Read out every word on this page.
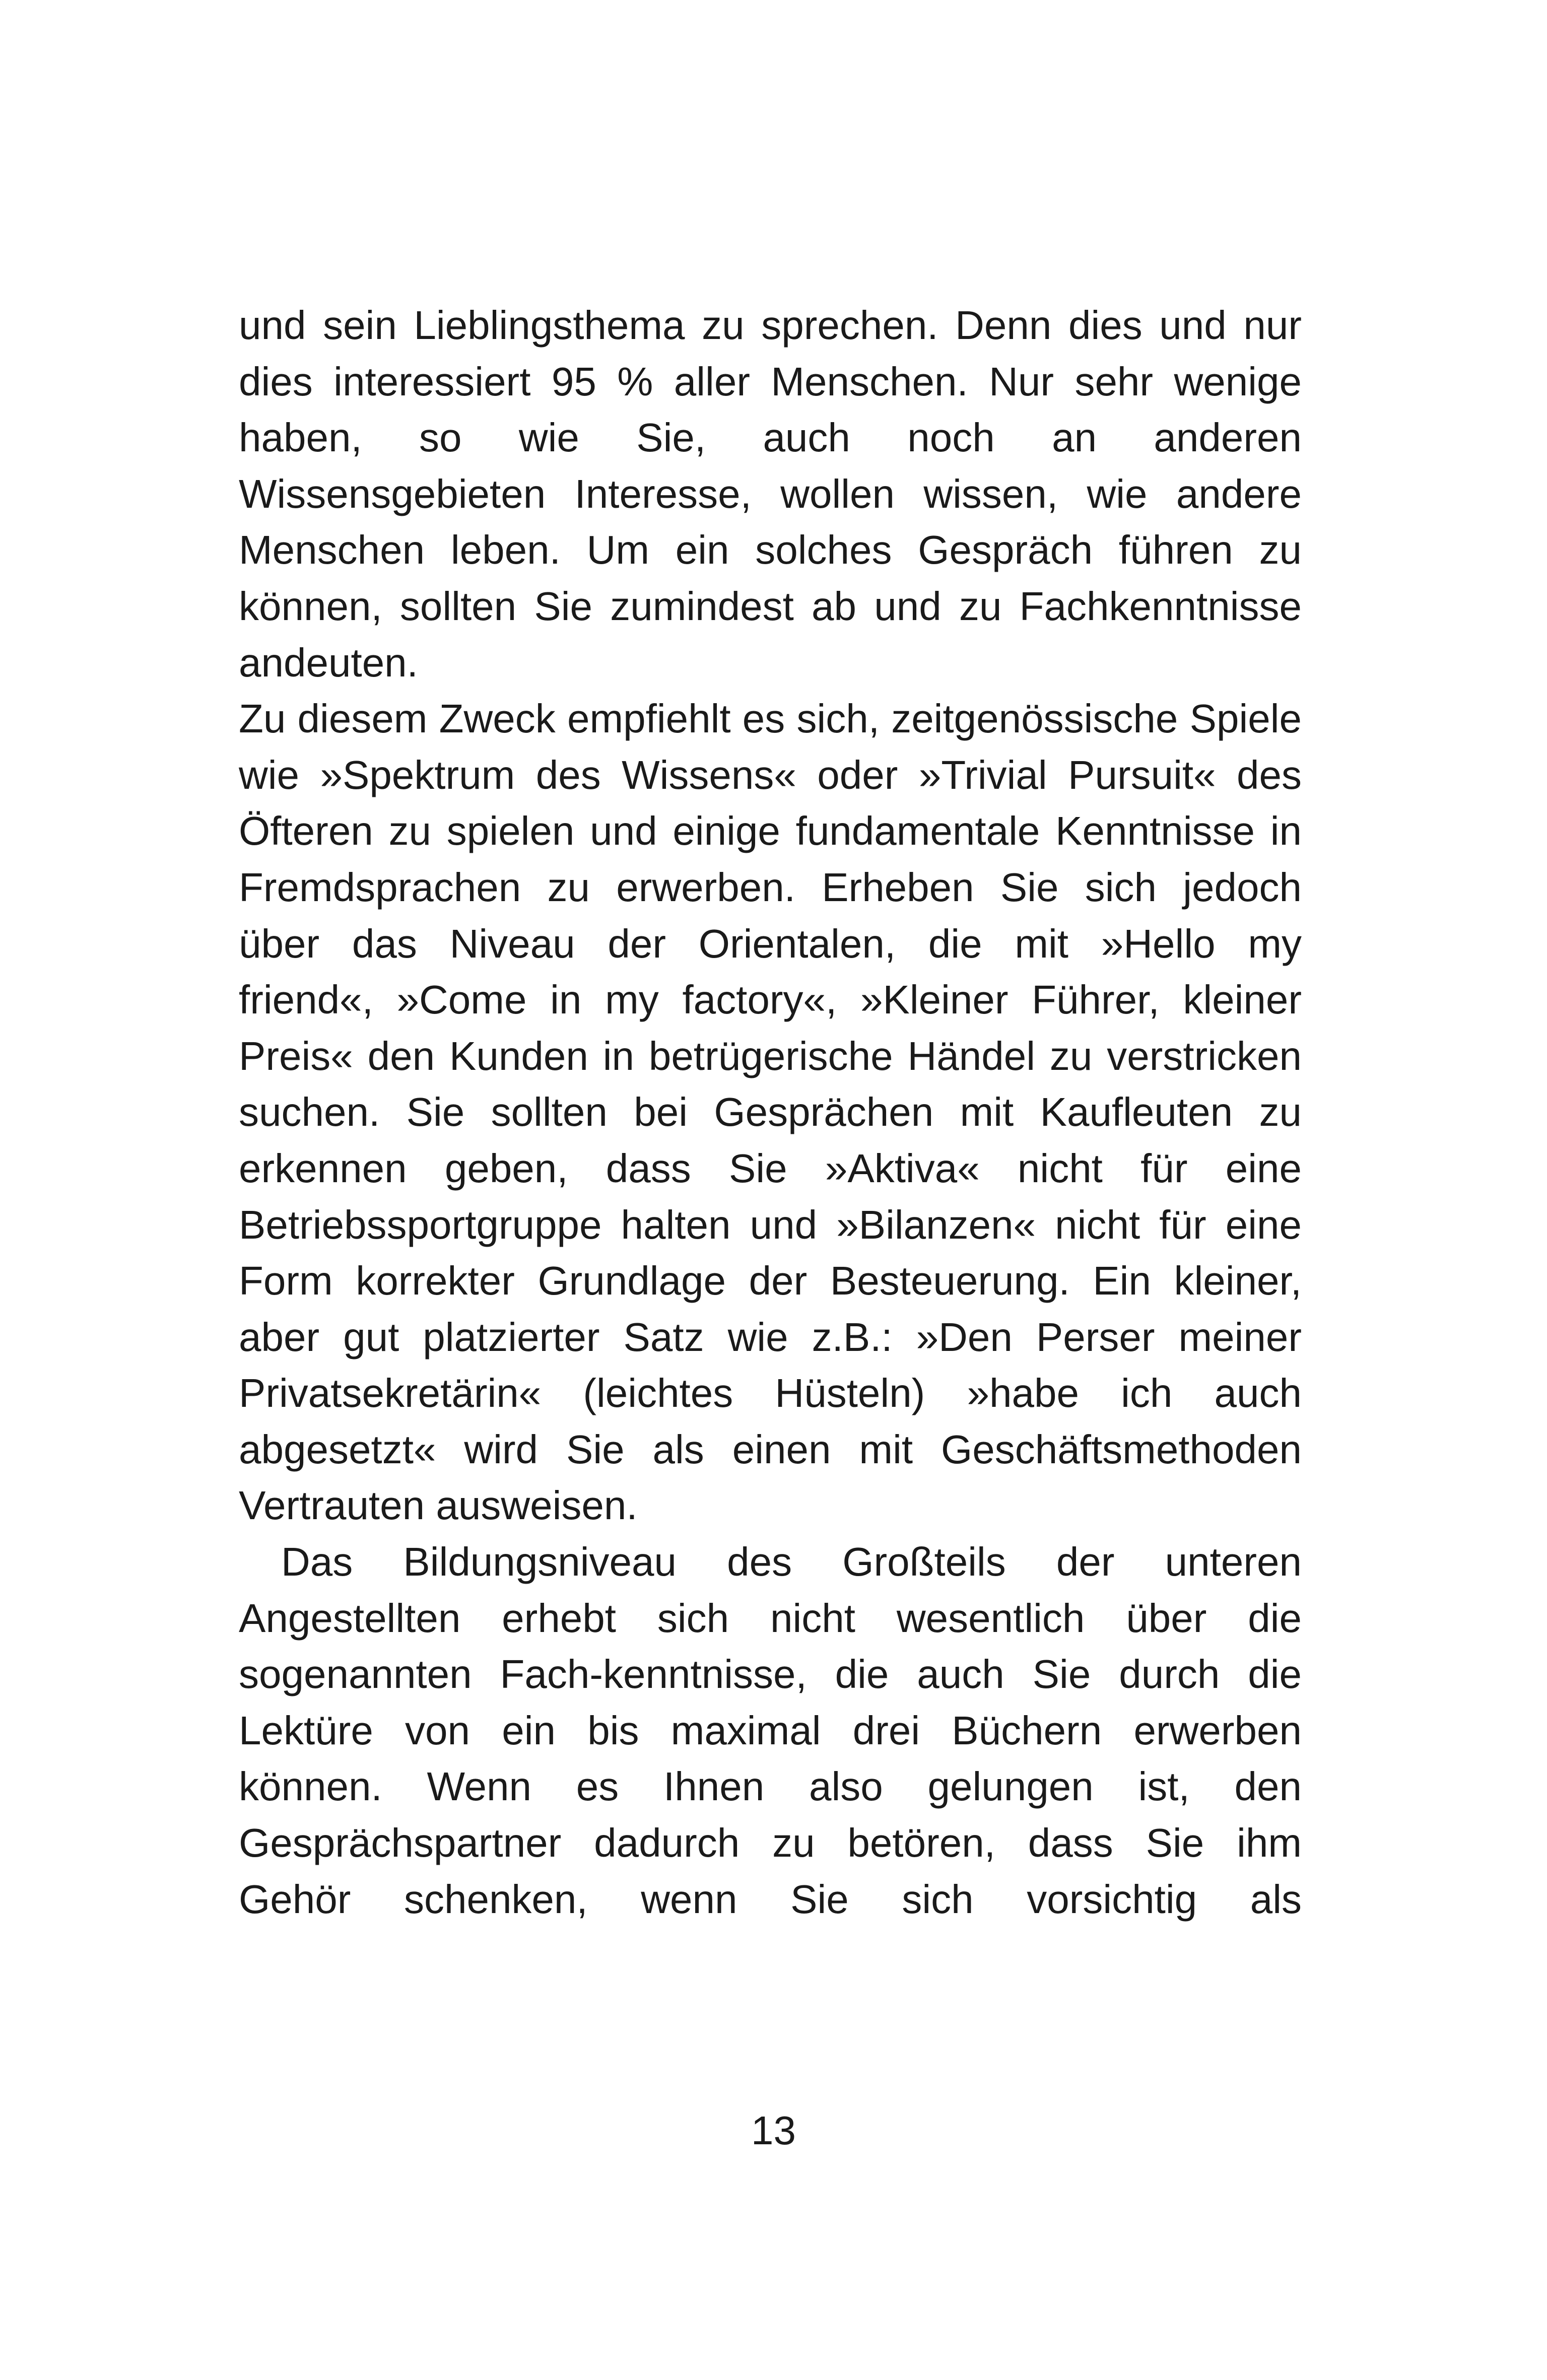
und sein Lieblingsthema zu sprechen. Denn dies und nur
dies interessiert 95 % aller Menschen. Nur sehr wenige
haben, so wie Sie, auch noch an anderen
Wissensgebieten Interesse, wollen wissen, wie andere
Menschen leben. Um ein solches Gespräch führen zu
können, sollten Sie zumindest ab und zu Fachkenntnisse
andeuten.
Zu diesem Zweck empfiehlt es sich, zeitgenössische Spiele
wie »Spektrum des Wissens« oder »Trivial Pursuit« des
Öfteren zu spielen und einige fundamentale Kenntnisse in
Fremdsprachen zu erwerben. Erheben Sie sich jedoch
über das Niveau der Orientalen, die mit »Hello my
friend«, »Come in my factory«, »Kleiner Führer, kleiner
Preis« den Kunden in betrügerische Händel zu verstricken
suchen. Sie sollten bei Gesprächen mit Kaufleuten zu
erkennen geben, dass Sie »Aktiva« nicht für eine
Betriebssportgruppe halten und »Bilanzen« nicht für eine
Form korrekter Grundlage der Besteuerung. Ein kleiner,
aber gut platzierter Satz wie z.B.: »Den Perser meiner
Privatsekretärin« (leichtes Hüsteln) »habe ich auch
abgesetzt« wird Sie als einen mit Geschäftsmethoden
Vertrauten ausweisen.
Das Bildungsniveau des Großteils der unteren
Angestellten erhebt sich nicht wesentlich über die
sogenannten Fach-kenntnisse, die auch Sie durch die
Lektüre von ein bis maximal drei Büchern erwerben
können. Wenn es Ihnen also gelungen ist, den
Gesprächspartner dadurch zu betören, dass Sie ihm
Gehör schenken, wenn Sie sich vorsichtig als
13
